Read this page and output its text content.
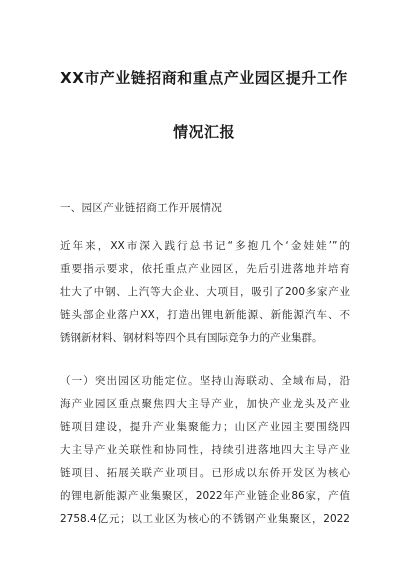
XX市产业链招商和重点产业园区提升工作
情况汇报
一、园区产业链招商工作开展情况
近年来，XX市深入践行总书记“多抱几个‘金娃娃’”的
重要指示要求，依托重点产业园区，先后引进落地并培育
壮大了中钢、上汽等大企业、大项目，吸引了200多家产业
链头部企业落户XX，打造出锂电新能源、新能源汽车、不
锈钢新材料、钢材料等四个具有国际竞争力的产业集群。
（一）突出园区功能定位。坚持山海联动、全域布局，沿
海产业园区重点聚焦四大主导产业，加快产业龙头及产业
链项目建设，提升产业集聚能力；山区产业园主要围绕四
大主导产业关联性和协同性，持续引进落地四大主导产业
链项目、拓展关联产业项目。已形成以东侨开发区为核心
的锂电新能源产业集聚区，2022年产业链企业86家，产值
2758.4亿元；以工业区为核心的不锈钢产业集聚区，2022
